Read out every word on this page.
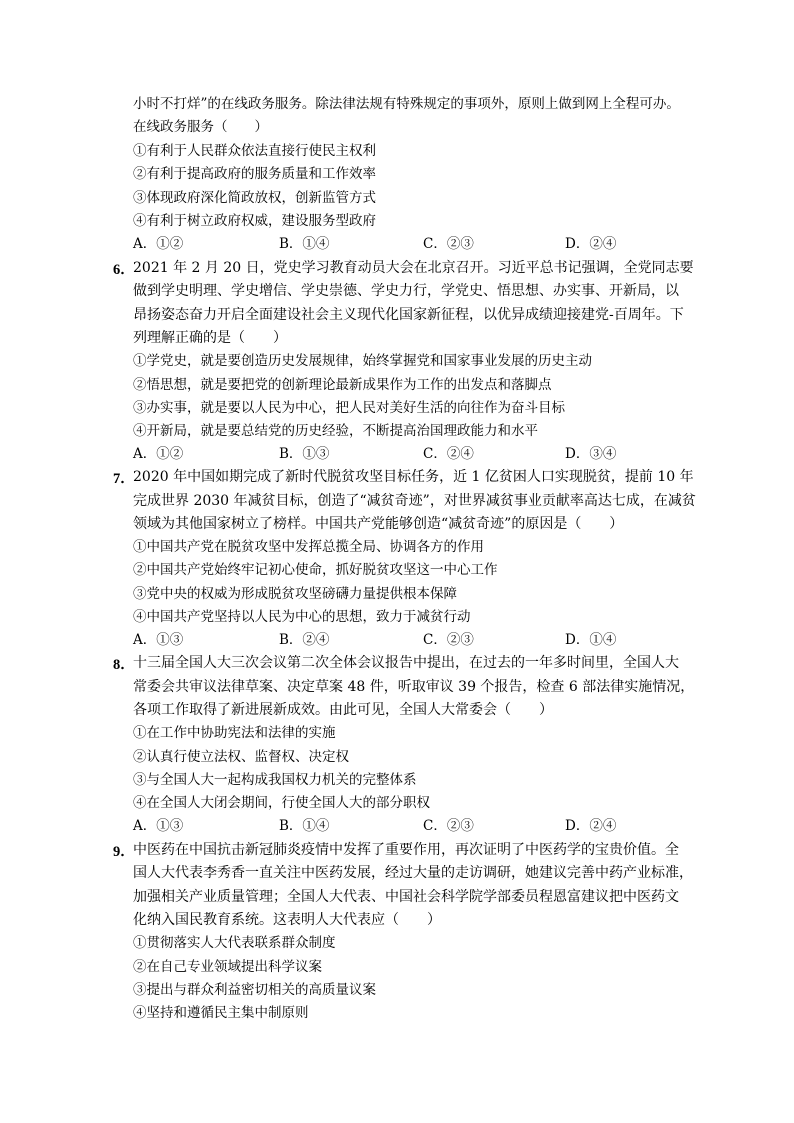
小时不打烊”的在线政务服务。除法律法规有特殊规定的事项外，原则上做到网上全程可办。
在线政务服务（　　）
①有利于人民群众依法直接行使民主权利
②有利于提高政府的服务质量和工作效率
③体现政府深化简政放权，创新监管方式
④有利于树立政府权威，建设服务型政府
A．①②	B．①④	C．②③	D．②④
6．
2021 年 2 月 20 日，党史学习教育动员大会在北京召开。习近平总书记强调，全党同志要
做到学史明理、学史增信、学史崇德、学史力行，学党史、悟思想、办实事、开新局，以
昂扬姿态奋力开启全面建设社会主义现代化国家新征程，以优异成绩迎接建党-百周年。下
列理解正确的是（　　）
①学党史，就是要创造历史发展规律，始终掌握党和国家事业发展的历史主动
②悟思想，就是要把党的创新理论最新成果作为工作的出发点和落脚点
③办实事，就是要以人民为中心，把人民对美好生活的向往作为奋斗目标
④开新局，就是要总结党的历史经验，不断提高治国理政能力和水平
A．①②	B．①③	C．②④	D．③④
7．
2020 年中国如期完成了新时代脱贫攻坚目标任务，近 1 亿贫困人口实现脱贫，提前 10 年
完成世界 2030 年减贫目标，创造了“减贫奇迹”，对世界减贫事业贡献率高达七成，在减贫
领域为其他国家树立了榜样。中国共产党能够创造“减贫奇迹”的原因是（　　）
①中国共产党在脱贫攻坚中发挥总揽全局、协调各方的作用
②中国共产党始终牢记初心使命，抓好脱贫攻坚这一中心工作
③党中央的权威为形成脱贫攻坚磅礴力量提供根本保障
④中国共产党坚持以人民为中心的思想，致力于减贫行动
A．①③	B．②④	C．②③	D．①④
8．
十三届全国人大三次会议第二次全体会议报告中提出，在过去的一年多时间里，全国人大
常委会共审议法律草案、决定草案 48 件，听取审议 39 个报告，检查 6 部法律实施情况，
各项工作取得了新进展新成效。由此可见，全国人大常委会（　　）
①在工作中协助宪法和法律的实施
②认真行使立法权、监督权、决定权
③与全国人大一起构成我国权力机关的完整体系
④在全国人大闭会期间，行使全国人大的部分职权
A．①③	B．①④	C．②③	D．②④
9．
中医药在中国抗击新冠肺炎疫情中发挥了重要作用，再次证明了中医药学的宝贵价值。全
国人大代表李秀香一直关注中医药发展，经过大量的走访调研，她建议完善中药产业标准，
加强相关产业质量管理；全国人大代表、中国社会科学院学部委员程恩富建议把中医药文
化纳入国民教育系统。这表明人大代表应（　　）
①贯彻落实人大代表联系群众制度
②在自己专业领域提出科学议案
③提出与群众利益密切相关的高质量议案
④坚持和遵循民主集中制原则
